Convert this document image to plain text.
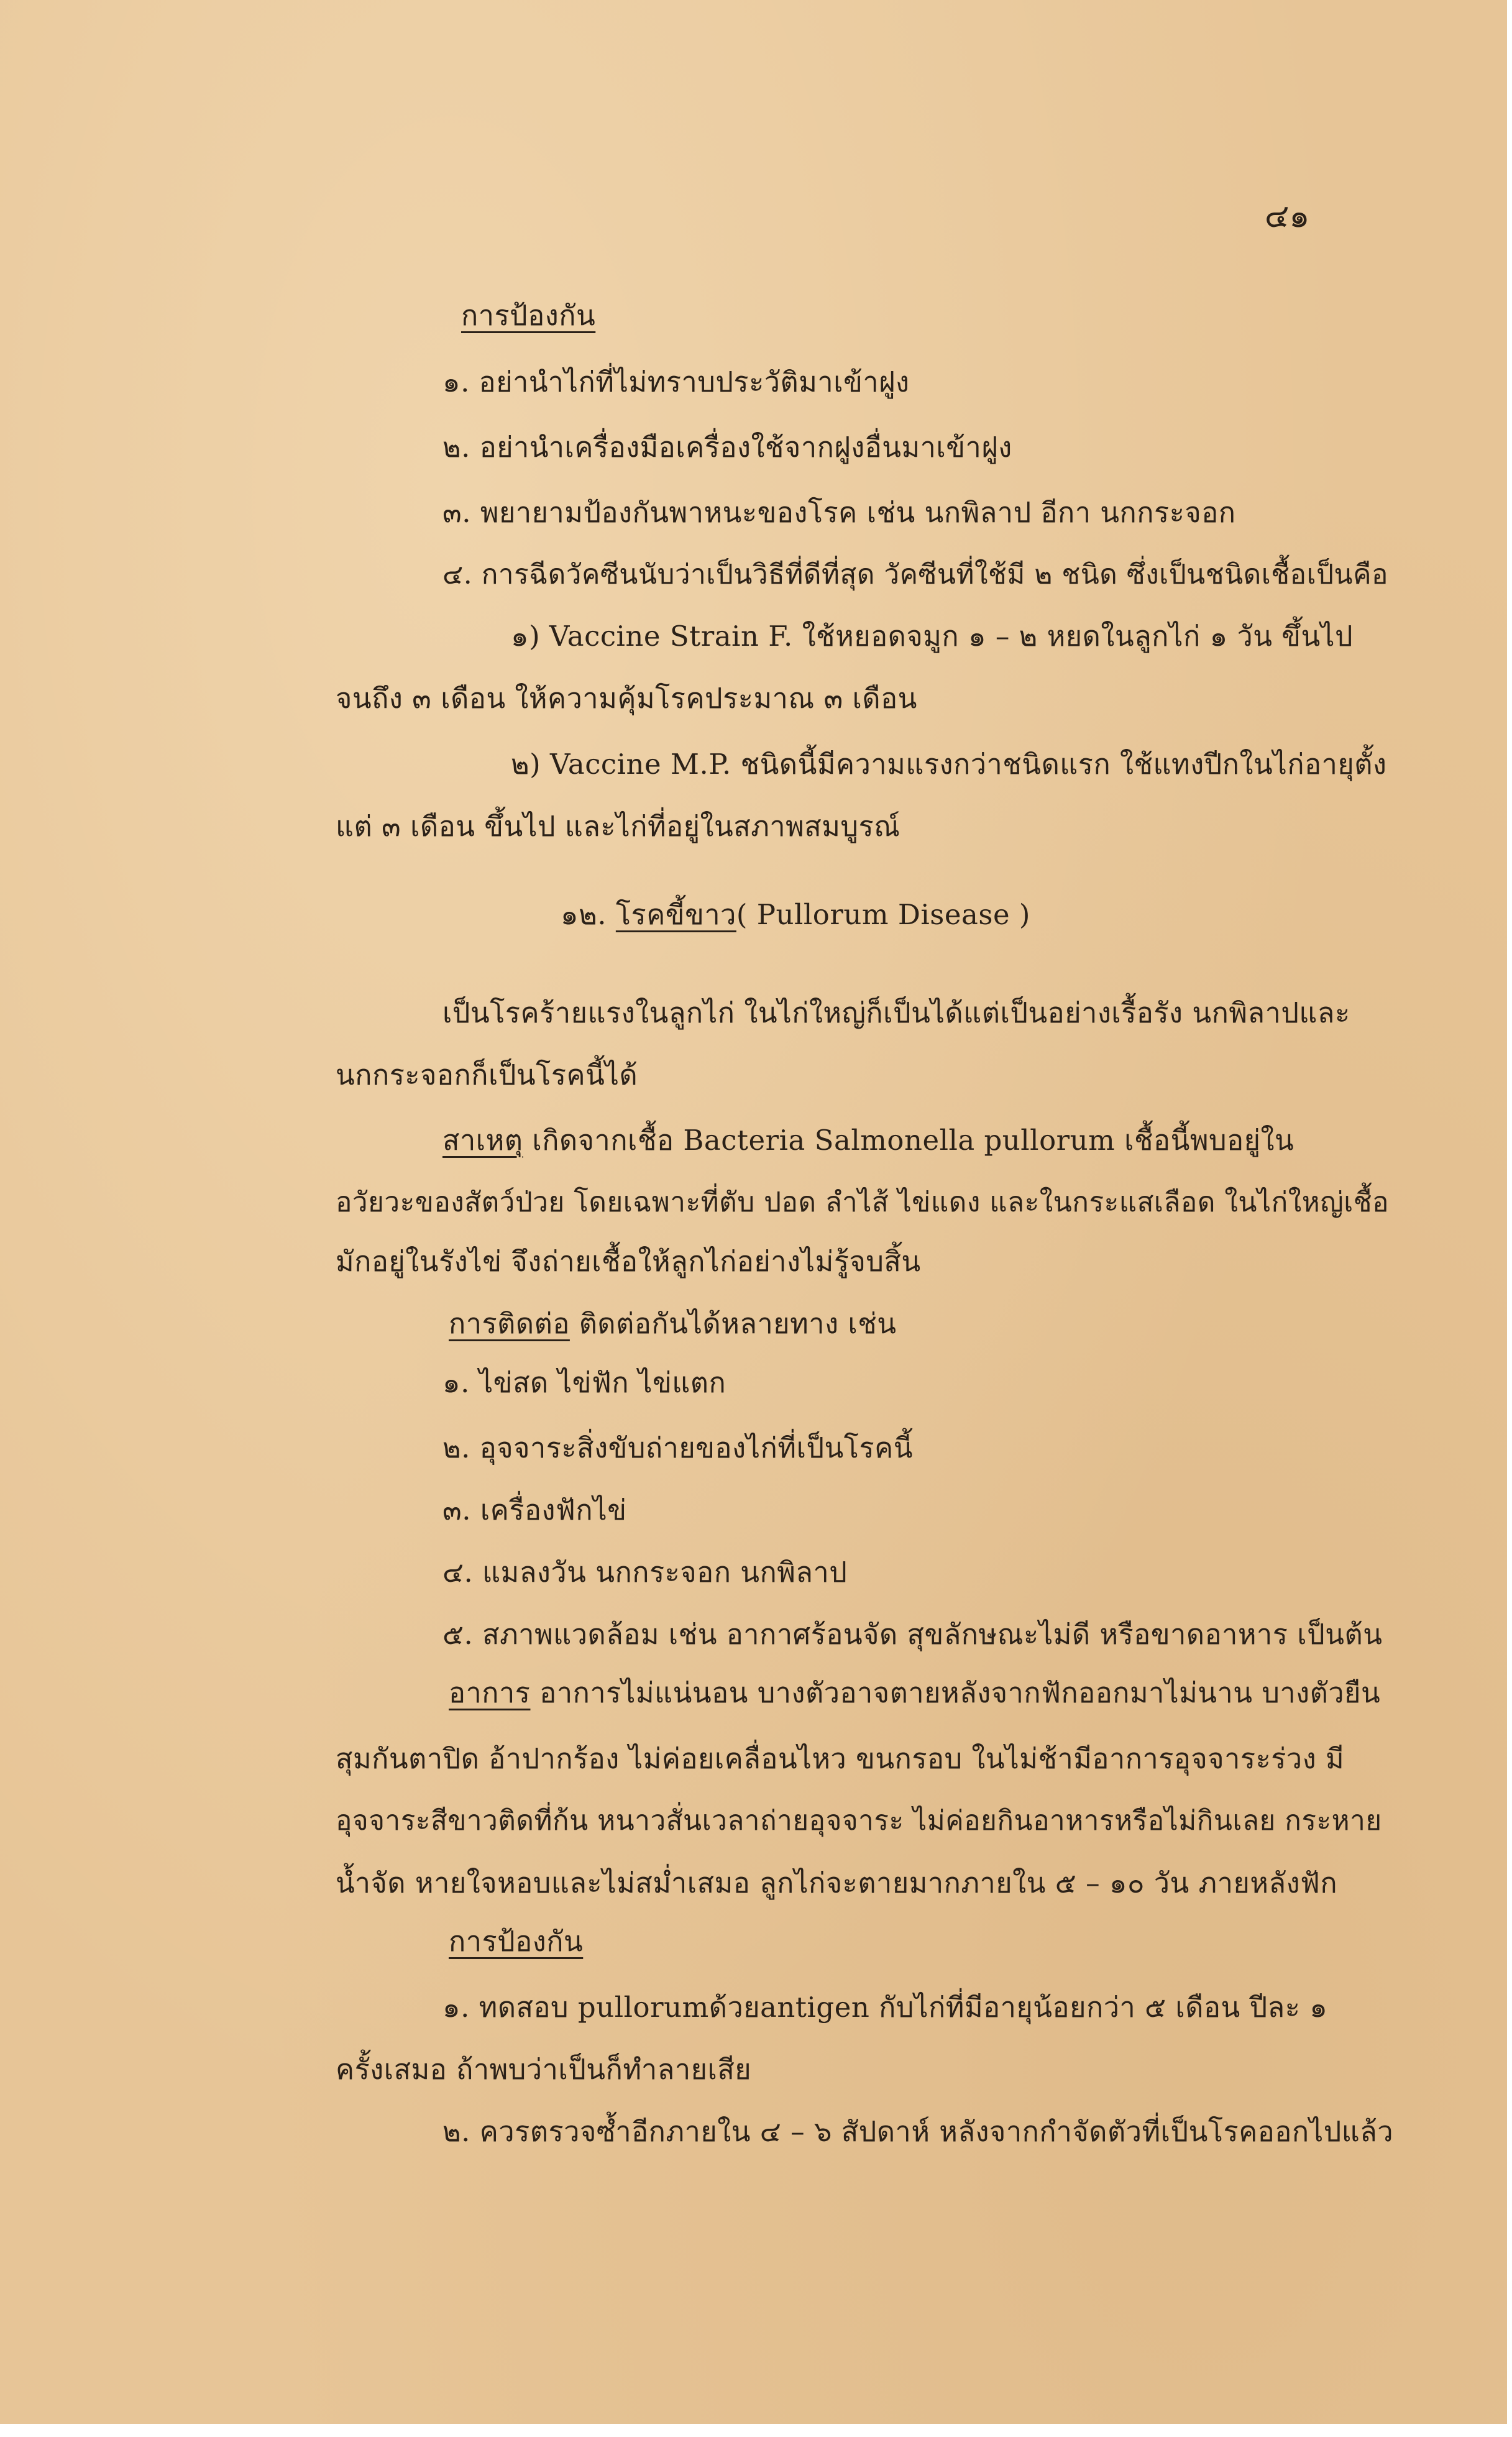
๔๑
การป้องกัน
๑. อย่านำไก่ที่ไม่ทราบประวัติมาเข้าฝูง
๒. อย่านำเครื่องมือเครื่องใช้จากฝูงอื่นมาเข้าฝูง
๓. พยายามป้องกันพาหนะของโรค เช่น นกพิลาป อีกา นกกระจอก
๔. การฉีดวัคซีนนับว่าเป็นวิธีที่ดีที่สุด วัคซีนที่ใช้มี ๒ ชนิด ซึ่งเป็นชนิดเชื้อเป็นคือ
๑) Vaccine Strain F. ใช้หยอดจมูก ๑ – ๒ หยดในลูกไก่ ๑ วัน ขึ้นไป
จนถึง ๓ เดือน ให้ความคุ้มโรคประมาณ ๓ เดือน
๒) Vaccine M.P. ชนิดนี้มีความแรงกว่าชนิดแรก ใช้แทงปีกในไก่อายุตั้ง
แต่ ๓ เดือน ขึ้นไป และไก่ที่อยู่ในสภาพสมบูรณ์
๑๒. โรคขี้ขาว( Pullorum Disease )
เป็นโรคร้ายแรงในลูกไก่ ในไก่ใหญ่ก็เป็นได้แต่เป็นอย่างเรื้อรัง นกพิลาปและ
นกกระจอกก็เป็นโรคนี้ได้
สาเหตุ เกิดจากเชื้อ Bacteria Salmonella pullorum เชื้อนี้พบอยู่ใน
อวัยวะของสัตว์ป่วย โดยเฉพาะที่ตับ ปอด ลำไส้ ไข่แดง และในกระแสเลือด ในไก่ใหญ่เชื้อ
มักอยู่ในรังไข่ จึงถ่ายเชื้อให้ลูกไก่อย่างไม่รู้จบสิ้น
การติดต่อ ติดต่อกันได้หลายทาง เช่น
๑. ไข่สด ไข่ฟัก ไข่แตก
๒. อุจจาระสิ่งขับถ่ายของไก่ที่เป็นโรคนี้
๓. เครื่องฟักไข่
๔. แมลงวัน นกกระจอก นกพิลาป
๕. สภาพแวดล้อม เช่น อากาศร้อนจัด สุขลักษณะไม่ดี หรือขาดอาหาร เป็นต้น
อาการ อาการไม่แน่นอน บางตัวอาจตายหลังจากฟักออกมาไม่นาน บางตัวยืน
สุมกันตาปิด อ้าปากร้อง ไม่ค่อยเคลื่อนไหว ขนกรอบ ในไม่ช้ามีอาการอุจจาระร่วง มี
อุจจาระสีขาวติดที่ก้น หนาวสั่นเวลาถ่ายอุจจาระ ไม่ค่อยกินอาหารหรือไม่กินเลย กระหาย
น้ำจัด หายใจหอบและไม่สม่ำเสมอ ลูกไก่จะตายมากภายใน ๕ – ๑๐ วัน ภายหลังฟัก
การป้องกัน
๑. ทดสอบ pullorumด้วยantigen กับไก่ที่มีอายุน้อยกว่า ๕ เดือน ปีละ ๑
ครั้งเสมอ ถ้าพบว่าเป็นก็ทำลายเสีย
๒. ควรตรวจซ้ำอีกภายใน ๔ – ๖ สัปดาห์ หลังจากกำจัดตัวที่เป็นโรคออกไปแล้ว
